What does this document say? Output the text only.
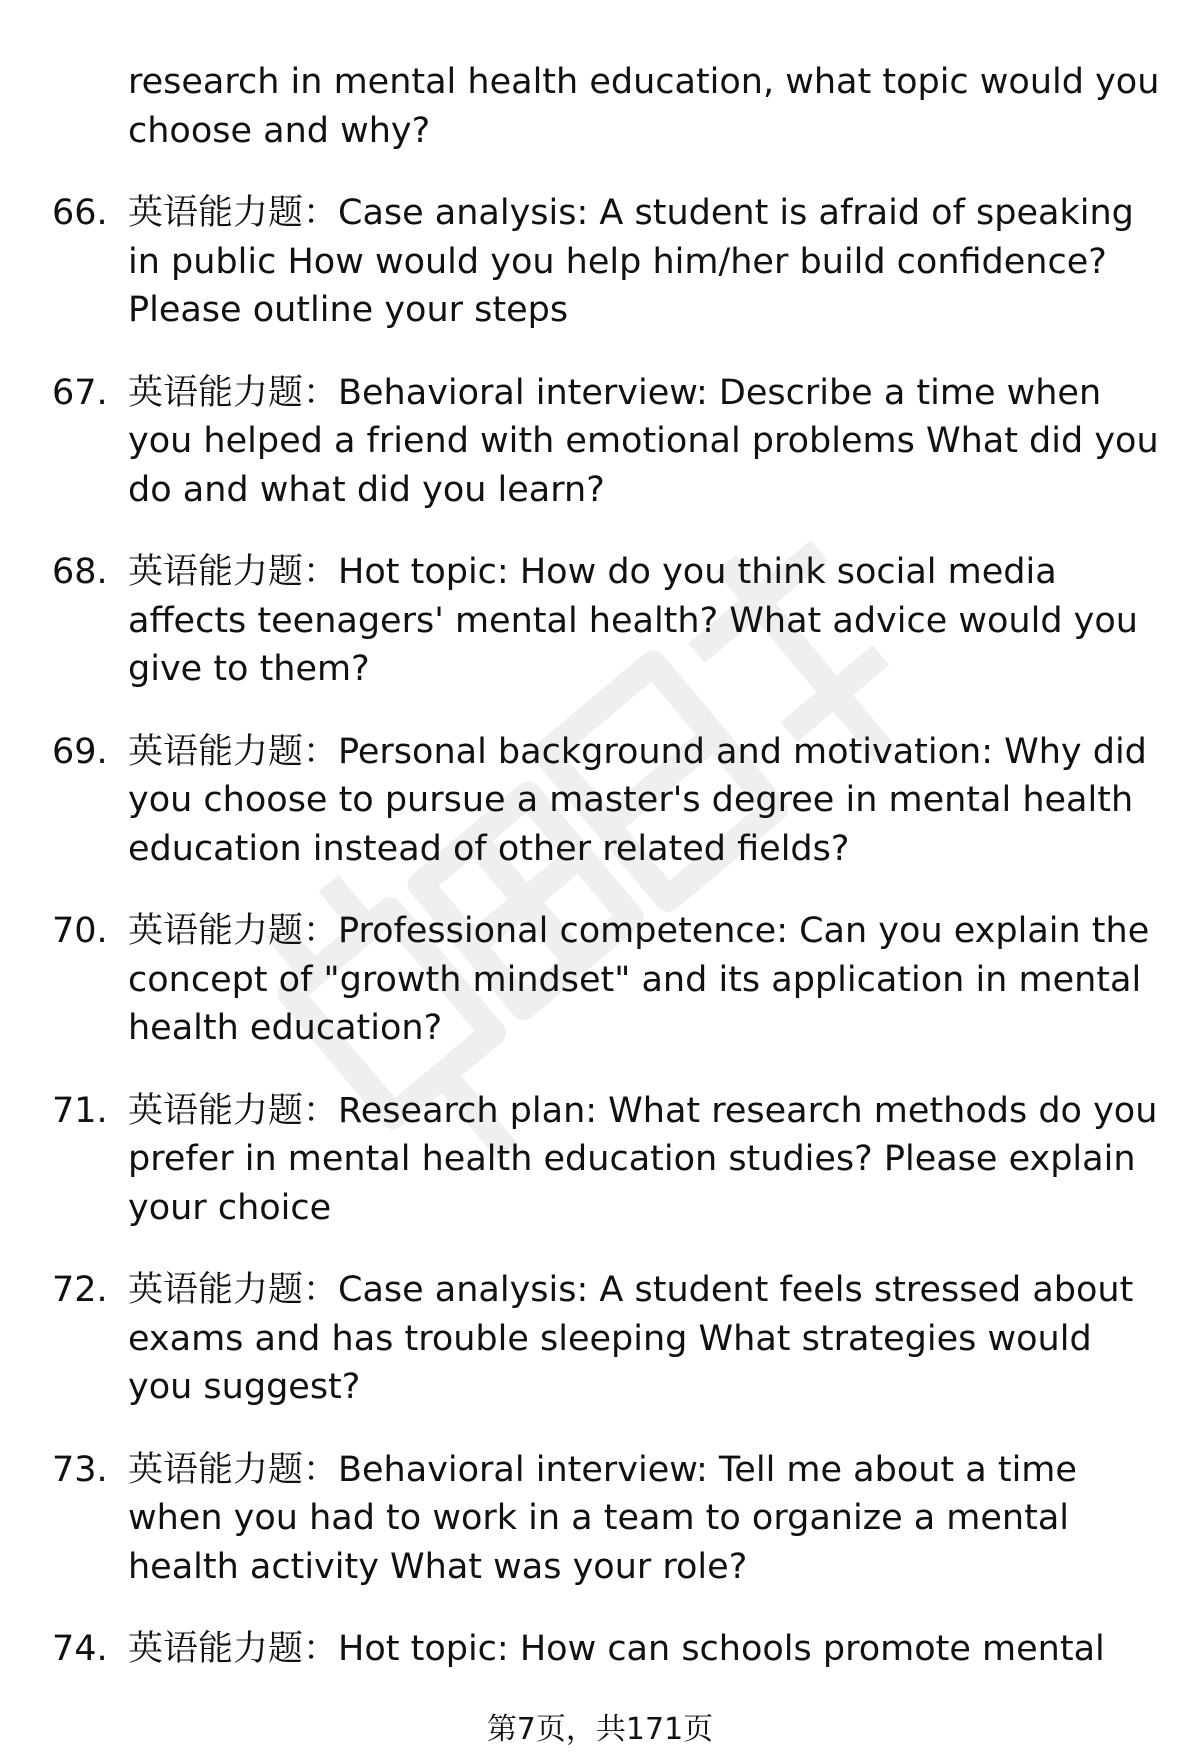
research in mental health education, what topic would you choose and why?
66. 英语能力题：Case analysis: A student is afraid of speaking in public How would you help him/her build confidence? Please outline your steps
67. 英语能力题：Behavioral interview: Describe a time when you helped a friend with emotional problems What did you do and what did you learn?
68. 英语能力题：Hot topic: How do you think social media affects teenagers' mental health? What advice would you give to them?
69. 英语能力题：Personal background and motivation: Why did you choose to pursue a master's degree in mental health education instead of other related fields?
70. 英语能力题：Professional competence: Can you explain the concept of "growth mindset" and its application in mental health education?
71. 英语能力题：Research plan: What research methods do you prefer in mental health education studies? Please explain your choice
72. 英语能力题：Case analysis: A student feels stressed about exams and has trouble sleeping What strategies would you suggest?
73. 英语能力题：Behavioral interview: Tell me about a time when you had to work in a team to organize a mental health activity What was your role?
74. 英语能力题：Hot topic: How can schools promote mental
第7页，共171页
